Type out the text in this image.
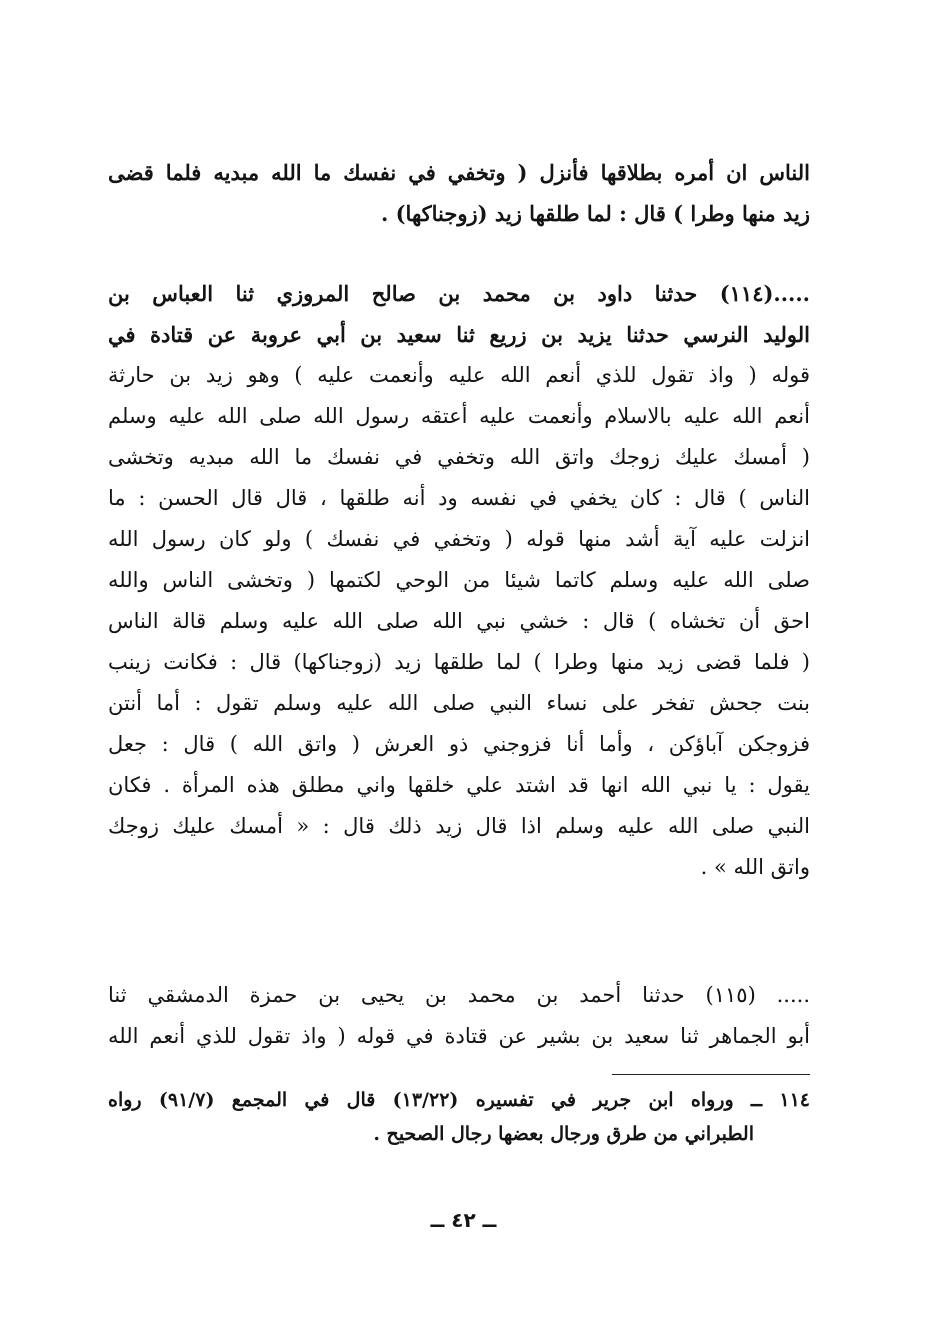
الناس ان أمره بطلاقها فأنزل ( وتخفي في نفسك ما الله مبديه فلما قضى
زيد منها وطرا ) قال : لما طلقها زيد (زوجناكها) .
.....(١١٤) حدثنا داود بن محمد بن صالح المروزي ثنا العباس بن
الوليد النرسي حدثنا يزيد بن زريع ثنا سعيد بن أبي عروبة عن قتادة في
قوله ( واذ تقول للذي أنعم الله عليه وأنعمت عليه ) وهو زيد بن حارثة
أنعم الله عليه بالاسلام وأنعمت عليه أعتقه رسول الله صلى الله عليه وسلم
( أمسك عليك زوجك واتق الله وتخفي في نفسك ما الله مبديه وتخشى
الناس ) قال : كان يخفي في نفسه ود أنه طلقها ، قال قال الحسن : ما
انزلت عليه آية أشد منها قوله ( وتخفي في نفسك ) ولو كان رسول الله
صلى الله عليه وسلم كاتما شيئا من الوحي لكتمها ( وتخشى الناس والله
احق أن تخشاه ) قال : خشي نبي الله صلى الله عليه وسلم قالة الناس
( فلما قضى زيد منها وطرا ) لما طلقها زيد (زوجناكها) قال : فكانت زينب
بنت جحش تفخر على نساء النبي صلى الله عليه وسلم تقول : أما أنتن
فزوجكن آباؤكن ، وأما أنا فزوجني ذو العرش ( واتق الله ) قال : جعل
يقول : يا نبي الله انها قد اشتد علي خلقها واني مطلق هذه المرأة . فكان
النبي صلى الله عليه وسلم اذا قال زيد ذلك قال : « أمسك عليك زوجك
واتق الله » .
..... (١١٥) حدثنا أحمد بن محمد بن يحيى بن حمزة الدمشقي ثنا
أبو الجماهر ثنا سعيد بن بشير عن قتادة في قوله ( واذ تقول للذي أنعم الله
١١٤ ــ ورواه ابن جرير في تفسيره (١٣/٢٢) قال في المجمع (٩١/٧) رواه
الطبراني من طرق ورجال بعضها رجال الصحيح .
ــ ٤٢ ــ
